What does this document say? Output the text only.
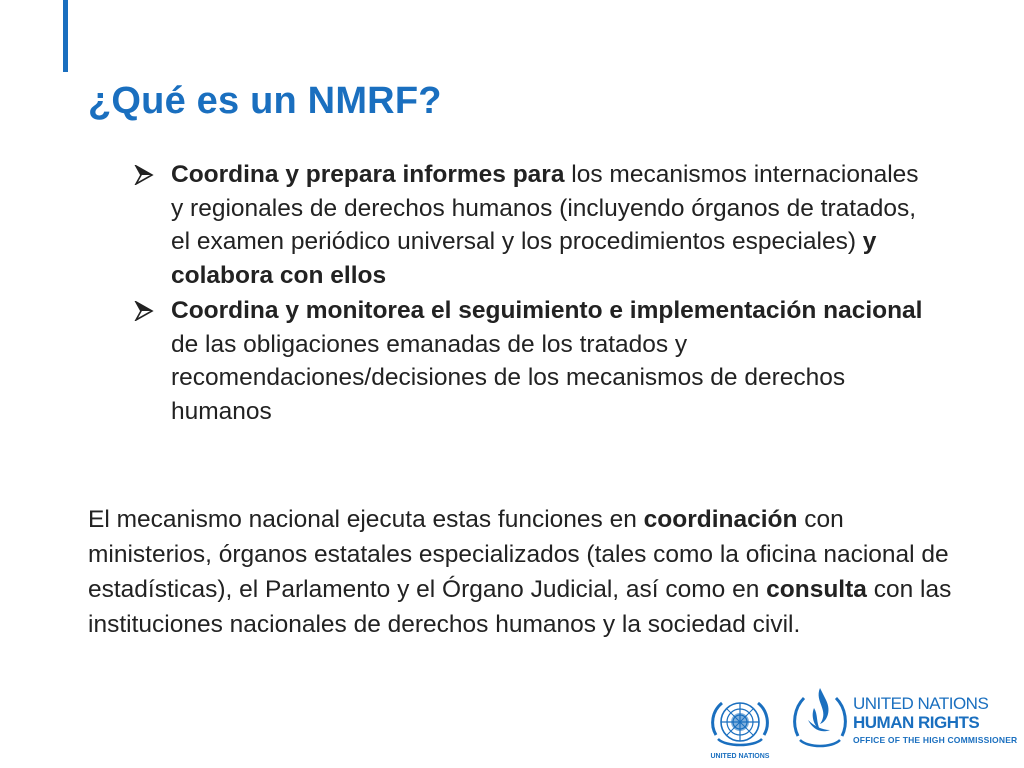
¿Qué es un NMRF?
Coordina y prepara informes para los mecanismos internacionales y regionales de derechos humanos (incluyendo órganos de tratados, el examen periódico universal y los procedimientos especiales) y colabora con ellos
Coordina y monitorea el seguimiento e implementación nacional de las obligaciones emanadas de los tratados y recomendaciones/decisiones de los mecanismos de derechos humanos

El mecanismo nacional ejecuta estas funciones en coordinación con ministerios, órganos estatales especializados (tales como la oficina nacional de estadísticas), el Parlamento y el Órgano Judicial, así como en consulta con las instituciones nacionales de derechos humanos y la sociedad civil.

UNITED NATIONS
UNITED NATIONS
HUMAN RIGHTS
OFFICE OF THE HIGH COMMISSIONER
